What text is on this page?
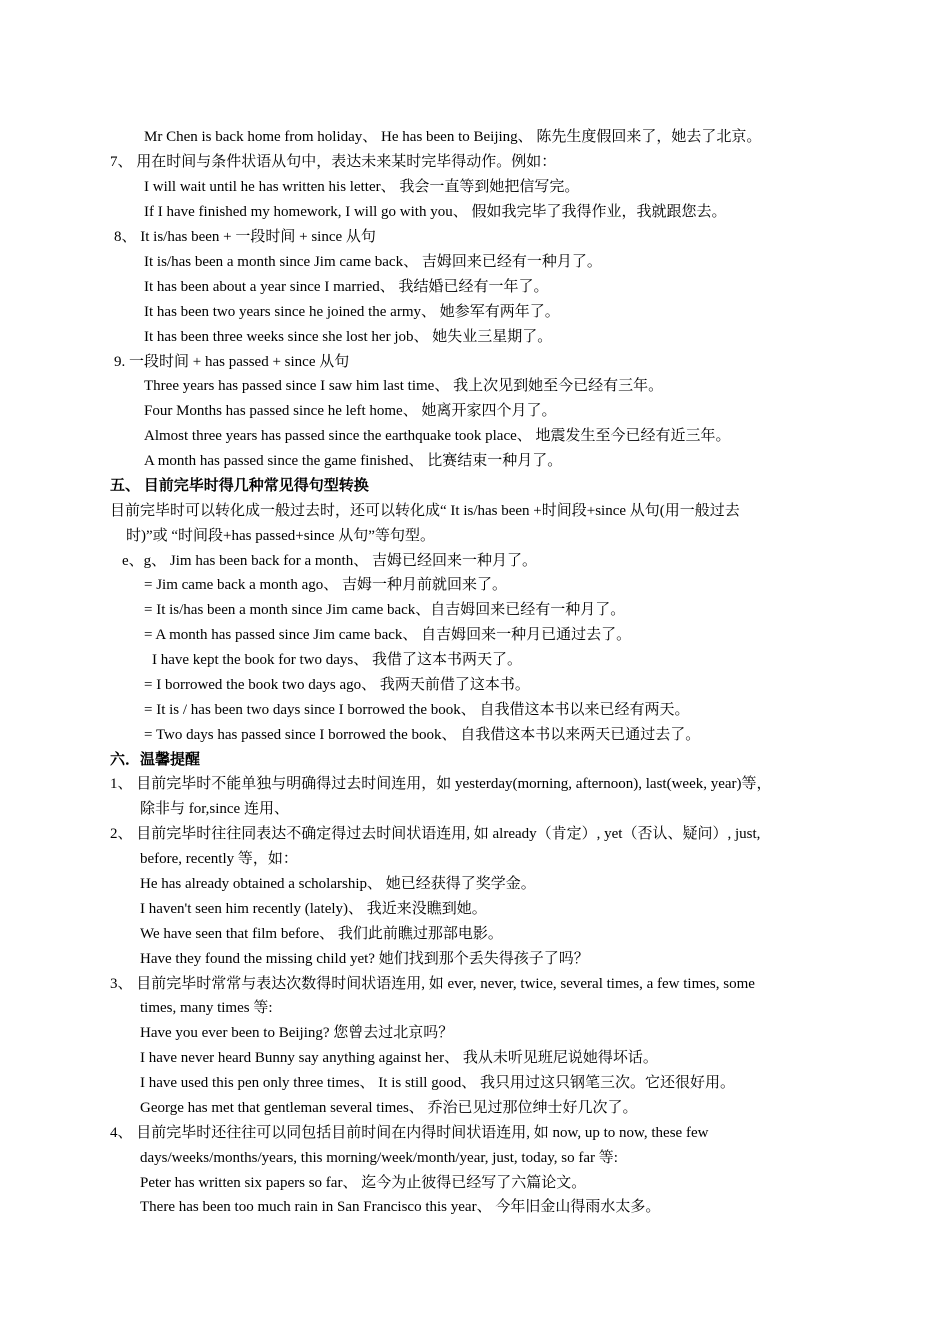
Mr Chen is back home from holiday、 He has been to Beijing、 陈先生度假回来了，她去了北京。
7、 用在时间与条件状语从句中，表达未来某时完毕得动作。例如：
I will wait until he has written his letter、 我会一直等到她把信写完。
If I have finished my homework, I will go with you、 假如我完毕了我得作业，我就跟您去。
8、 It is/has been + 一段时间 + since 从句
It is/has been a month since Jim came back、 吉姆回来已经有一种月了。
It has been about a year since I married、 我结婚已经有一年了。
It has been two years since he joined the army、 她参军有两年了。
It has been three weeks since she lost her job、 她失业三星期了。
9. 一段时间 + has passed + since 从句
Three years has passed since I saw him last time、 我上次见到她至今已经有三年。
Four Months has passed since he left home、 她离开家四个月了。
Almost three years has passed since the earthquake took place、 地震发生至今已经有近三年。
A month has passed since the game finished、 比赛结束一种月了。
五、 目前完毕时得几种常见得句型转换
目前完毕时可以转化成一般过去时，还可以转化成“ It is/has been +时间段+since 从句(用一般过去
时)”或 “时间段+has passed+since 从句”等句型。
e、g、 Jim has been back for a month、 吉姆已经回来一种月了。
= Jim came back a month ago、 吉姆一种月前就回来了。
= It is/has been a month since Jim came back、自吉姆回来已经有一种月了。
= A month has passed since Jim came back、 自吉姆回来一种月已通过去了。
I have kept the book for two days、 我借了这本书两天了。
= I borrowed the book two days ago、 我两天前借了这本书。
= It is / has been two days since I borrowed the book、 自我借这本书以来已经有两天。
= Two days has passed since I borrowed the book、 自我借这本书以来两天已通过去了。
六．温馨提醒
1、 目前完毕时不能单独与明确得过去时间连用，如 yesterday(morning, afternoon), last(week, year)等，
除非与 for,since 连用、
2、 目前完毕时往往同表达不确定得过去时间状语连用, 如 already（肯定）, yet（否认、疑问）, just,
before, recently 等，如：
He has already obtained a scholarship、 她已经获得了奖学金。
I haven't seen him recently (lately)、 我近来没瞧到她。
We have seen that film before、 我们此前瞧过那部电影。
Have they found the missing child yet? 她们找到那个丢失得孩子了吗？
3、 目前完毕时常常与表达次数得时间状语连用, 如 ever, never, twice, several times, a few times, some
times, many times 等:
Have you ever been to Beijing? 您曾去过北京吗？
I have never heard Bunny say anything against her、 我从未听见班尼说她得坏话。
I have used this pen only three times、 It is still good、 我只用过这只钢笔三次。它还很好用。
George has met that gentleman several times、 乔治已见过那位绅士好几次了。
4、 目前完毕时还往往可以同包括目前时间在内得时间状语连用, 如 now, up to now, these few
days/weeks/months/years, this morning/week/month/year, just, today, so far 等:
Peter has written six papers so far、 迄今为止彼得已经写了六篇论文。
There has been too much rain in San Francisco this year、 今年旧金山得雨水太多。
